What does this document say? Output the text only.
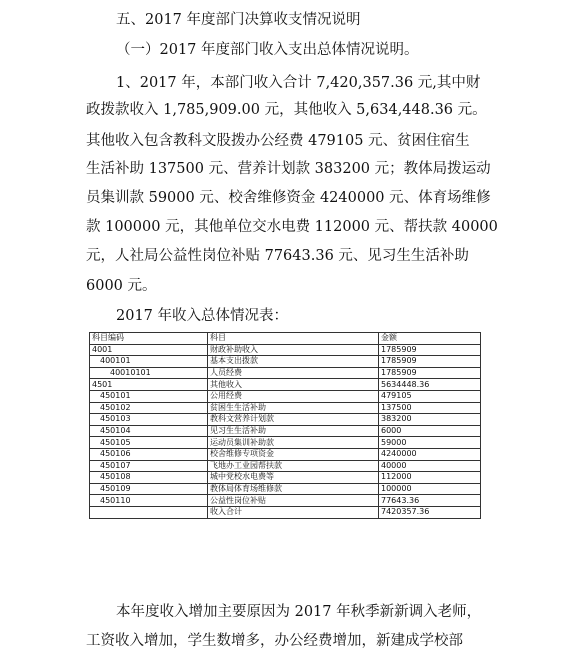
五、2017 年度部门决算收支情况说明
（一）2017 年度部门收入支出总体情况说明。
1、2017 年，本部门收入合计 7,420,357.36 元,其中财
政拨款收入 1,785,909.00 元，其他收入 5,634,448.36 元。
其他收入包含教科文股拨办公经费 479105 元、贫困住宿生
生活补助 137500 元、营养计划款 383200 元；教体局拨运动
员集训款 59000 元、校舍维修资金 4240000 元、体育场维修
款 100000 元，其他单位交水电费 112000 元、帮扶款 40000
元，人社局公益性岗位补贴 77643.36 元、见习生生活补助
6000 元。
2017 年收入总体情况表：
科目编码	科目	金额
4001	财政补助收入	1785909
400101	基本支出拨款	1785909
40010101	人员经费	1785909
4501	其他收入	5634448.36
450101	公用经费	479105
450102	贫困生生活补助	137500
450103	教科文营养计划款	383200
450104	见习生生活补助	6000
450105	运动员集训补助款	59000
450106	校舍维修专项资金	4240000
450107	飞地办工业园帮扶款	40000
450108	城中党校水电费等	112000
450109	教体局体育场维修款	100000
450110	公益性岗位补贴	77643.36
	收入合计	7420357.36
本年度收入增加主要原因为 2017 年秋季新新调入老师，
工资收入增加，学生数增多，办公经费增加，新建成学校部
